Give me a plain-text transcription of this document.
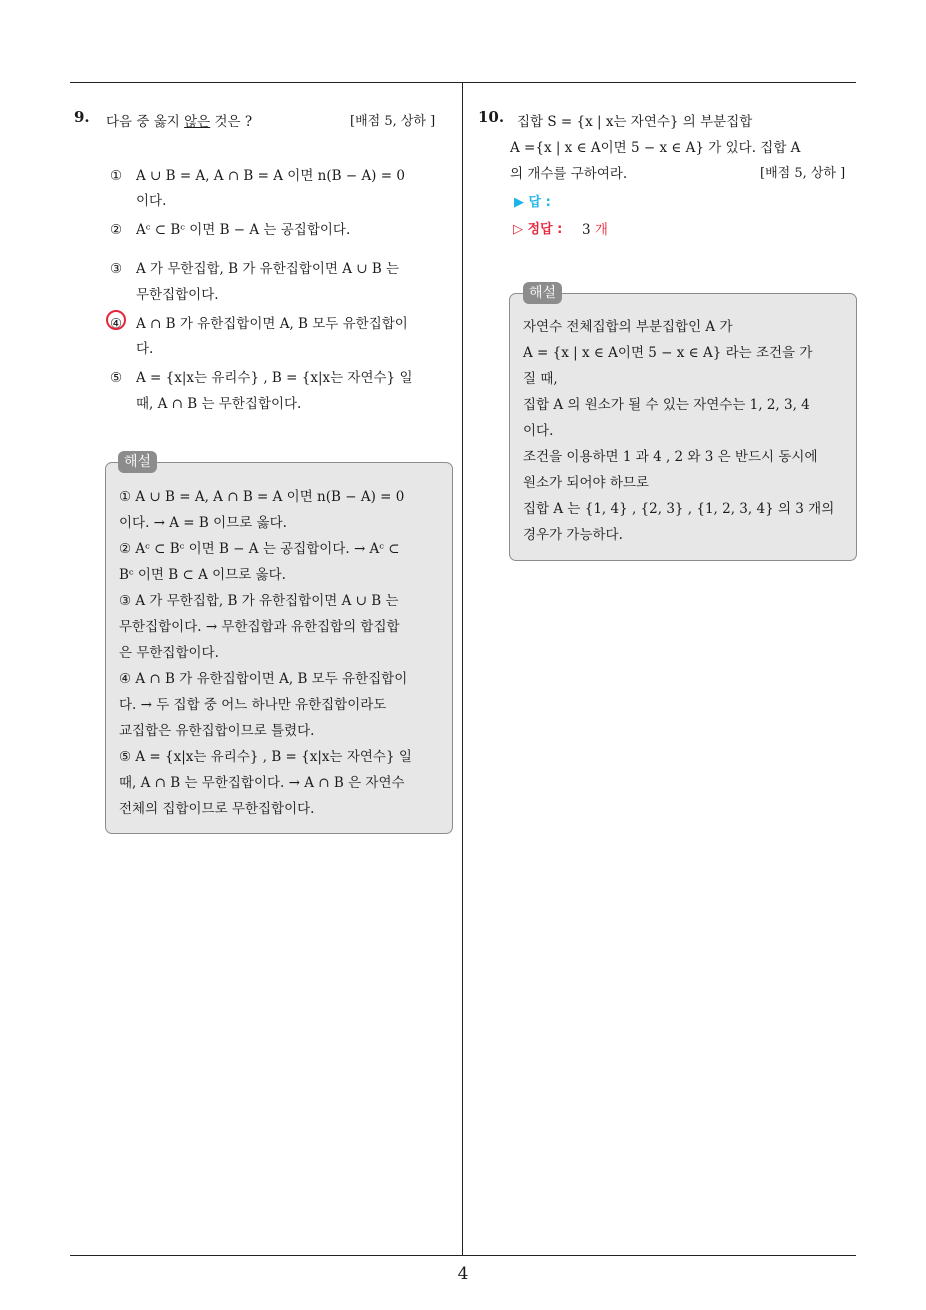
9. 다음 중 옳지 않은 것은 ?	[배점 5, 상하 ]
① A ∪ B = A, A ∩ B = A 이면 n(B − A) = 0
이다.
② Aᶜ ⊂ Bᶜ 이면 B − A 는 공집합이다.
③ A 가 무한집합, B 가 유한집합이면 A ∪ B 는
무한집합이다.
④ A ∩ B 가 유한집합이면 A, B 모두 유한집합이
다.
⑤ A = {x|x는 유리수} , B = {x|x는 자연수} 일
때, A ∩ B 는 무한집합이다.
① A ∪ B = A, A ∩ B = A 이면 n(B − A) = 0
이다. → A = B 이므로 옳다.
② Aᶜ ⊂ Bᶜ 이면 B − A 는 공집합이다. → Aᶜ ⊂
Bᶜ 이면 B ⊂ A 이므로 옳다.
③ A 가 무한집합, B 가 유한집합이면 A ∪ B 는
무한집합이다. → 무한집합과 유한집합의 합집합
은 무한집합이다.
④ A ∩ B 가 유한집합이면 A, B 모두 유한집합이
다. → 두 집합 중 어느 하나만 유한집합이라도
교집합은 유한집합이므로 틀렸다.
⑤ A = {x|x는 유리수} , B = {x|x는 자연수} 일
때, A ∩ B 는 무한집합이다. → A ∩ B 은 자연수
전체의 집합이므로 무한집합이다.
해설
10. 집합 S = {x | x는 자연수} 의 부분집합
A ={x | x ∈ A이면 5 − x ∈ A} 가 있다. 집합 A
의 개수를 구하여라.	[배점 5, 상하 ]
▶ 답 :
▷ 정답 : 3 개
자연수 전체집합의 부분집합인 A 가
A = {x | x ∈ A이면 5 − x ∈ A} 라는 조건을 가
질 때,
집합 A 의 원소가 될 수 있는 자연수는 1, 2, 3, 4
이다.
조건을 이용하면 1 과 4 , 2 와 3 은 반드시 동시에
원소가 되어야 하므로
집합 A 는 {1, 4} , {2, 3} , {1, 2, 3, 4} 의 3 개의
경우가 가능하다.
해설
4
